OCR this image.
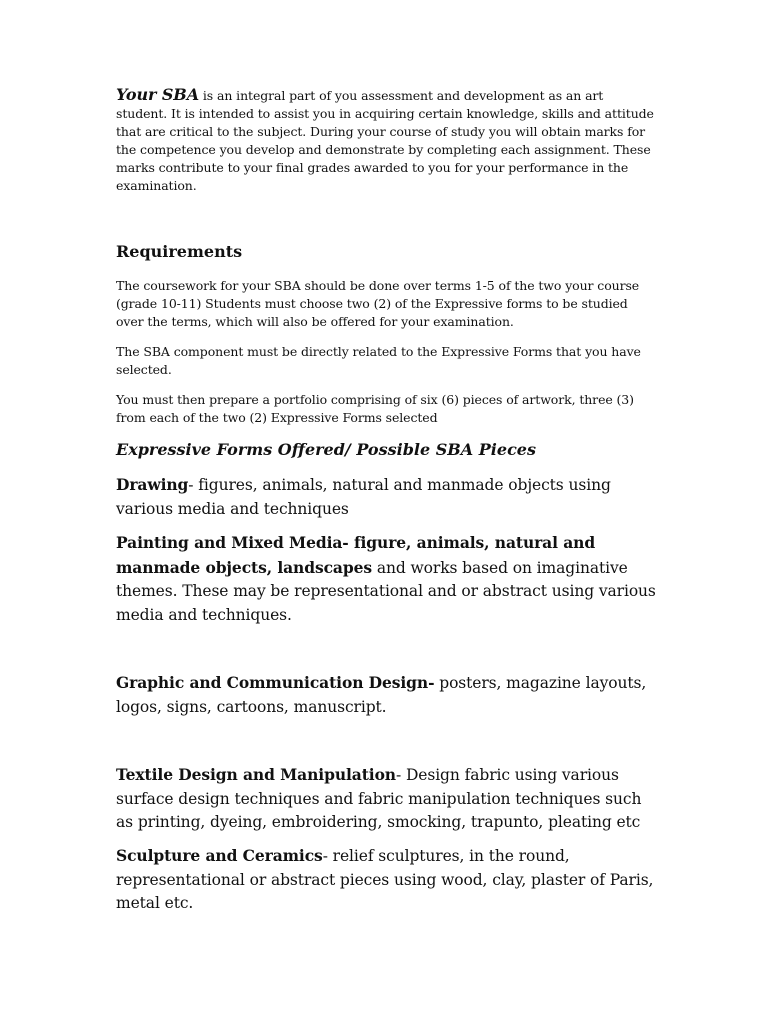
Your SBA is an integral part of you assessment and development as an art student. It is intended to assist you in acquiring certain knowledge, skills and attitude that are critical to the subject. During your course of study you will obtain marks for the competence you develop and demonstrate by completing each assignment. These marks contribute to your final grades awarded to you for your performance in the examination.

Requirements

The coursework for your SBA should be done over terms 1-5 of the two your course (grade 10-11) Students must choose two (2) of the Expressive forms to be studied over the terms, which will also be offered for your examination.

The SBA component must be directly related to the Expressive Forms that you have selected.

You must then prepare a portfolio comprising of six (6) pieces of artwork, three (3) from each of the two (2) Expressive Forms selected

Expressive Forms Offered/ Possible SBA Pieces

Drawing- figures, animals, natural and manmade objects using various media and techniques

Painting and Mixed Media- figure, animals, natural and manmade objects, landscapes and works based on imaginative themes. These may be representational and or abstract using various media and techniques.

Graphic and Communication Design- posters, magazine layouts, logos, signs, cartoons, manuscript.

Textile Design and Manipulation- Design fabric using various surface design techniques and fabric manipulation techniques such as printing, dyeing, embroidering, smocking, trapunto, pleating etc

Sculpture and Ceramics- relief sculptures, in the round, representational or abstract pieces using wood, clay, plaster of Paris, metal etc.
